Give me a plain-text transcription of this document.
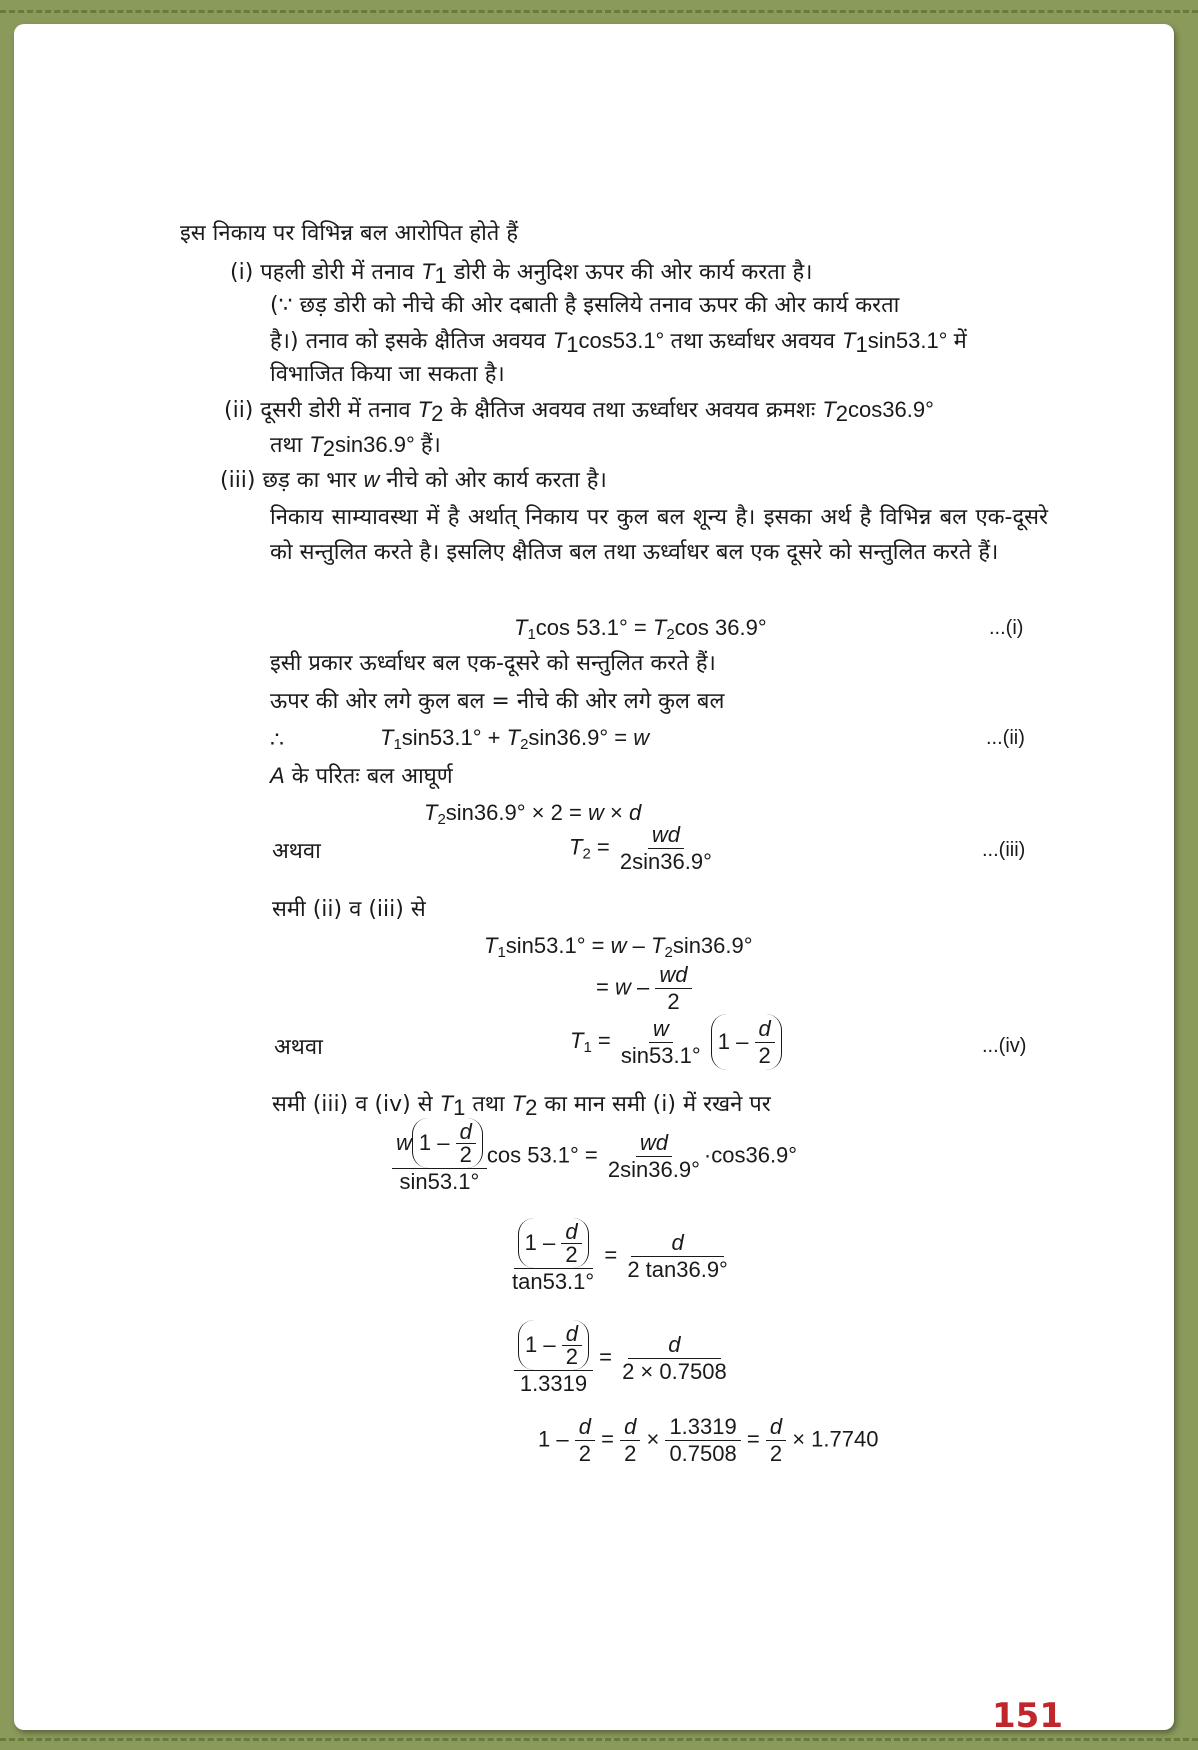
इस निकाय पर विभिन्न बल आरोपित होते हैं
(i) पहली डोरी में तनाव $T_1$ डोरी के अनुदिश ऊपर की ओर कार्य करता है।
(∵ छड़ डोरी को नीचे की ओर दबाती है इसलिये तनाव ऊपर की ओर कार्य करता
है।) तनाव को इसके क्षैतिज अवयव $T_1\cos 53.1^\circ$ तथा ऊर्ध्वाधर अवयव $T_1\sin 53.1^\circ$ में
विभाजित किया जा सकता है।
(ii) दूसरी डोरी में तनाव $T_2$ के क्षैतिज अवयव तथा ऊर्ध्वाधर अवयव क्रमशः $T_2\cos 36.9^\circ$
तथा $T_2\sin 36.9^\circ$ हैं।
(iii) छड़ का भार w नीचे को ओर कार्य करता है।
निकाय साम्यावस्था में है अर्थात् निकाय पर कुल बल शून्य है। इसका अर्थ है विभिन्न बल एक-दूसरे को सन्तुलित करते है। इसलिए क्षैतिज बल तथा ऊर्ध्वाधर बल एक दूसरे को सन्तुलित करते हैं।
$T_1\cos$ $53.1^\circ = T_2\cos$ 36.9°	...(i)
इसी प्रकार ऊर्ध्वाधर बल एक-दूसरे को सन्तुलित करते हैं।
ऊपर की ओर लगे कुल बल = नीचे की ओर लगे कुल बल
∴	$T_1\sin 53.1^\circ + T_2\sin 36.9^\circ = w$	...(ii)
A के परितः बल आघूर्ण
$T_2\sin 36.9^\circ \times 2 = w \times d$
अथवा	$T_2 = \frac{wd}{2\sin 36.9^\circ}$	...(iii)
समी (ii) व (iii) से
$T_1\sin 53.1^\circ = w - T_2\sin 36.9^\circ$
= w – $\frac{wd}{2}$
अथवा	$T_1 = \frac{w}{\sin 53.1^\circ}$
1 –
$\frac{d}{2}$	...(iv)
समी (iii) व (iv) से $T_1$ तथा $T_2$ का मान समी (i) में रखने पर
w 1 –
$\frac{d}{2}$
sin53.1°
$\cos 53.1^\circ = \frac{wd}{2\sin 36.9^\circ} \cdot\cos 36.9^\circ$
1 –
$\frac{d}{2}$
$\tan 53.1^\circ = \frac{d}{2 \tan 36.9^\circ}$
1 –
$\frac{d}{2}$
$1.3319 = \frac{d}{2 \times 0.7508}$
$1 - \frac{d}{2} = \frac{d}{2} \times \frac{1.3319}{0.7508} = \frac{d}{2} \times 1.7740$
151
